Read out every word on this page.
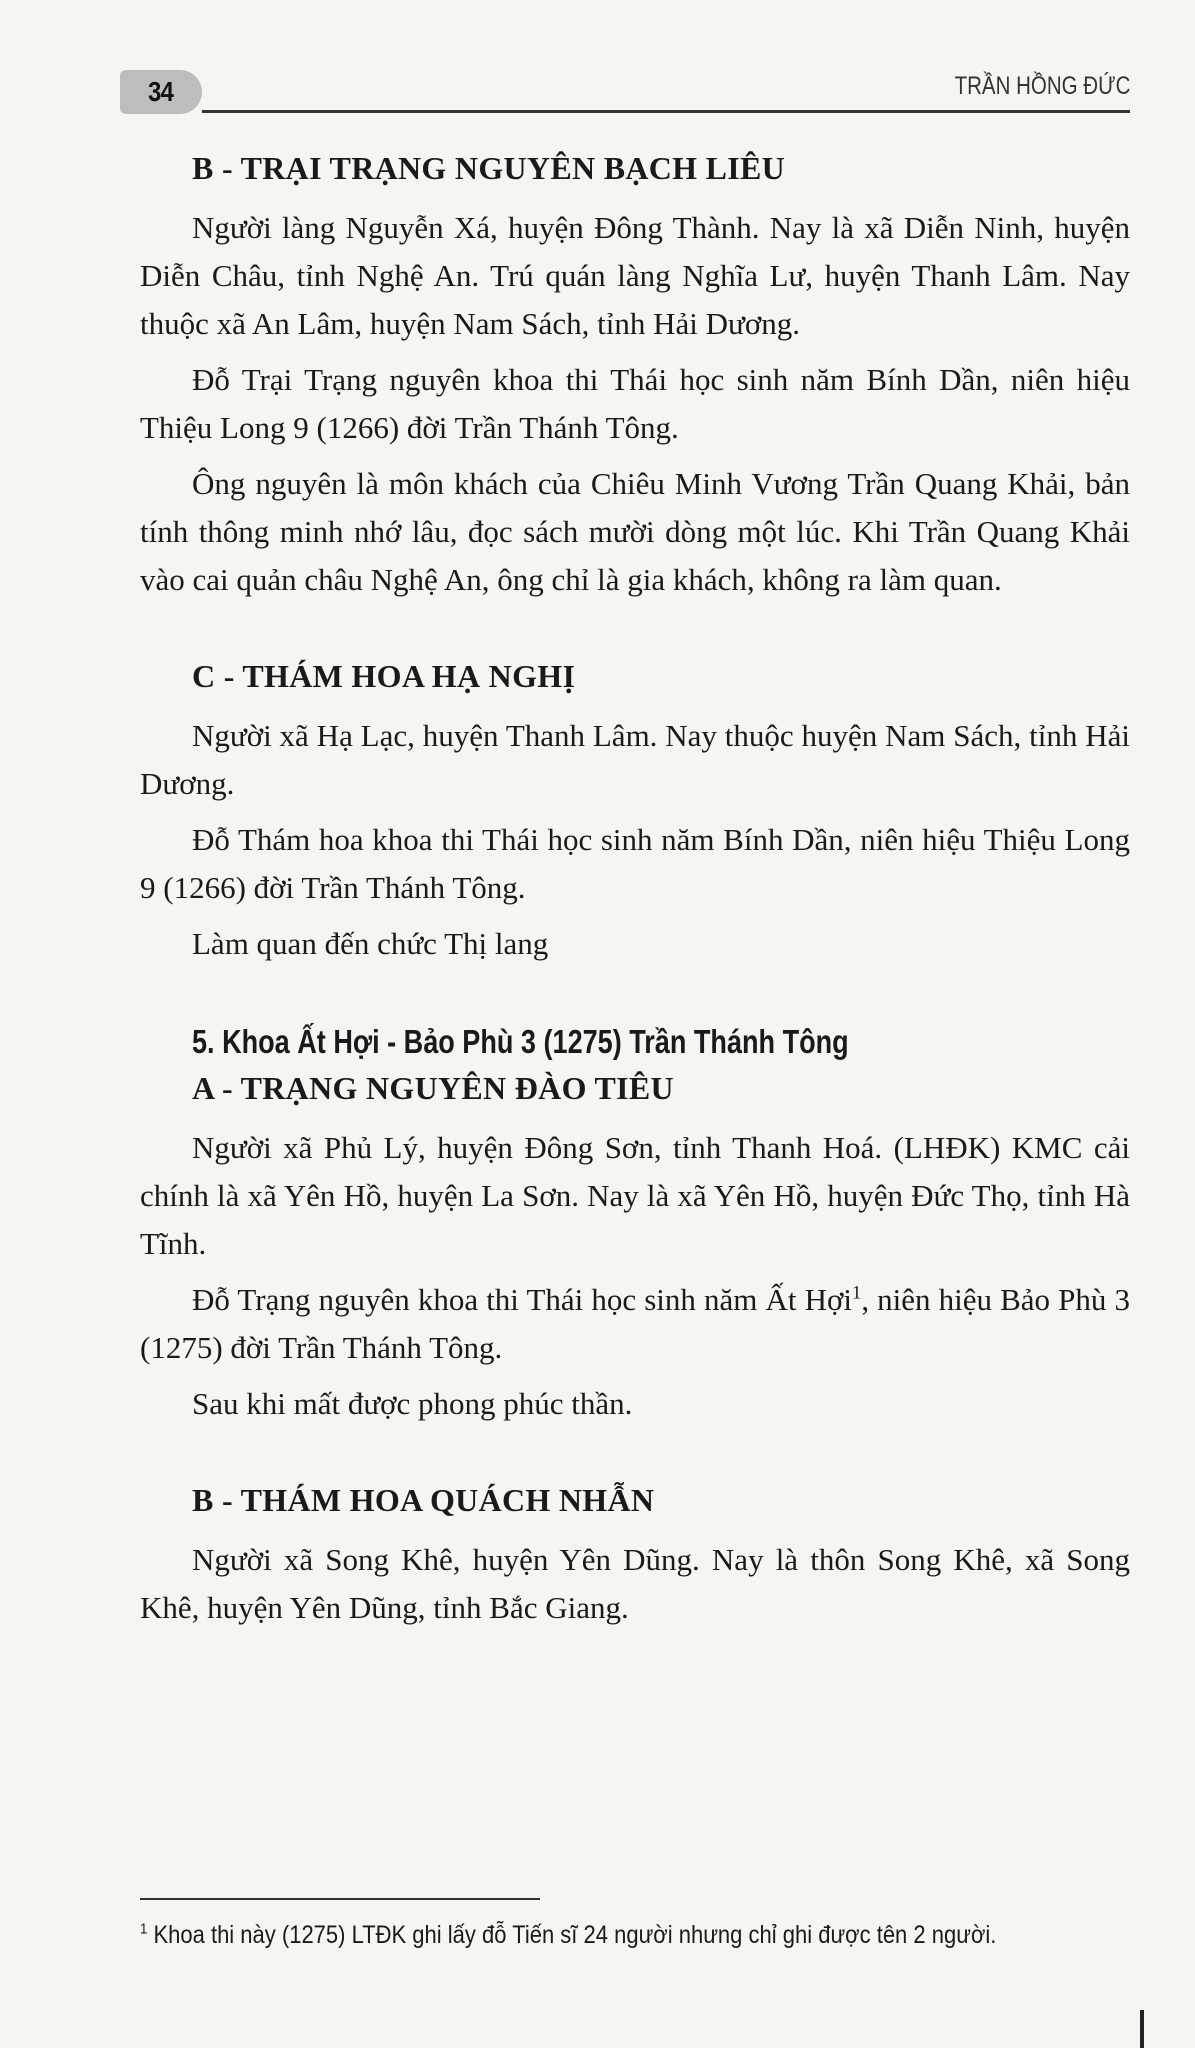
34	TRẦN HỒNG ĐỨC
B - TRẠI TRẠNG NGUYÊN BẠCH LIÊU

Người làng Nguyễn Xá, huyện Đông Thành. Nay là xã Diễn Ninh, huyện Diễn Châu, tỉnh Nghệ An. Trú quán làng Nghĩa Lư, huyện Thanh Lâm. Nay thuộc xã An Lâm, huyện Nam Sách, tỉnh Hải Dương.

Đỗ Trại Trạng nguyên khoa thi Thái học sinh năm Bính Dần, niên hiệu Thiệu Long 9 (1266) đời Trần Thánh Tông.

Ông nguyên là môn khách của Chiêu Minh Vương Trần Quang Khải, bản tính thông minh nhớ lâu, đọc sách mười dòng một lúc. Khi Trần Quang Khải vào cai quản châu Nghệ An, ông chỉ là gia khách, không ra làm quan.

C - THÁM HOA HẠ NGHỊ

Người xã Hạ Lạc, huyện Thanh Lâm. Nay thuộc huyện Nam Sách, tỉnh Hải Dương.

Đỗ Thám hoa khoa thi Thái học sinh năm Bính Dần, niên hiệu Thiệu Long 9 (1266) đời Trần Thánh Tông.

Làm quan đến chức Thị lang

5. Khoa Ất Hợi - Bảo Phù 3 (1275) Trần Thánh Tông
A - TRẠNG NGUYÊN ĐÀO TIÊU

Người xã Phủ Lý, huyện Đông Sơn, tỉnh Thanh Hoá. (LHĐK) KMC cải chính là xã Yên Hồ, huyện La Sơn. Nay là xã Yên Hồ, huyện Đức Thọ, tỉnh Hà Tĩnh.

Đỗ Trạng nguyên khoa thi Thái học sinh năm Ất Hợi$^1$, niên hiệu Bảo Phù 3 (1275) đời Trần Thánh Tông.

Sau khi mất được phong phúc thần.

B - THÁM HOA QUÁCH NHẪN

Người xã Song Khê, huyện Yên Dũng. Nay là thôn Song Khê, xã Song Khê, huyện Yên Dũng, tỉnh Bắc Giang.

$^1$ Khoa thi này (1275) LTĐK ghi lấy đỗ Tiến sĩ 24 người nhưng chỉ ghi được tên 2 người.
